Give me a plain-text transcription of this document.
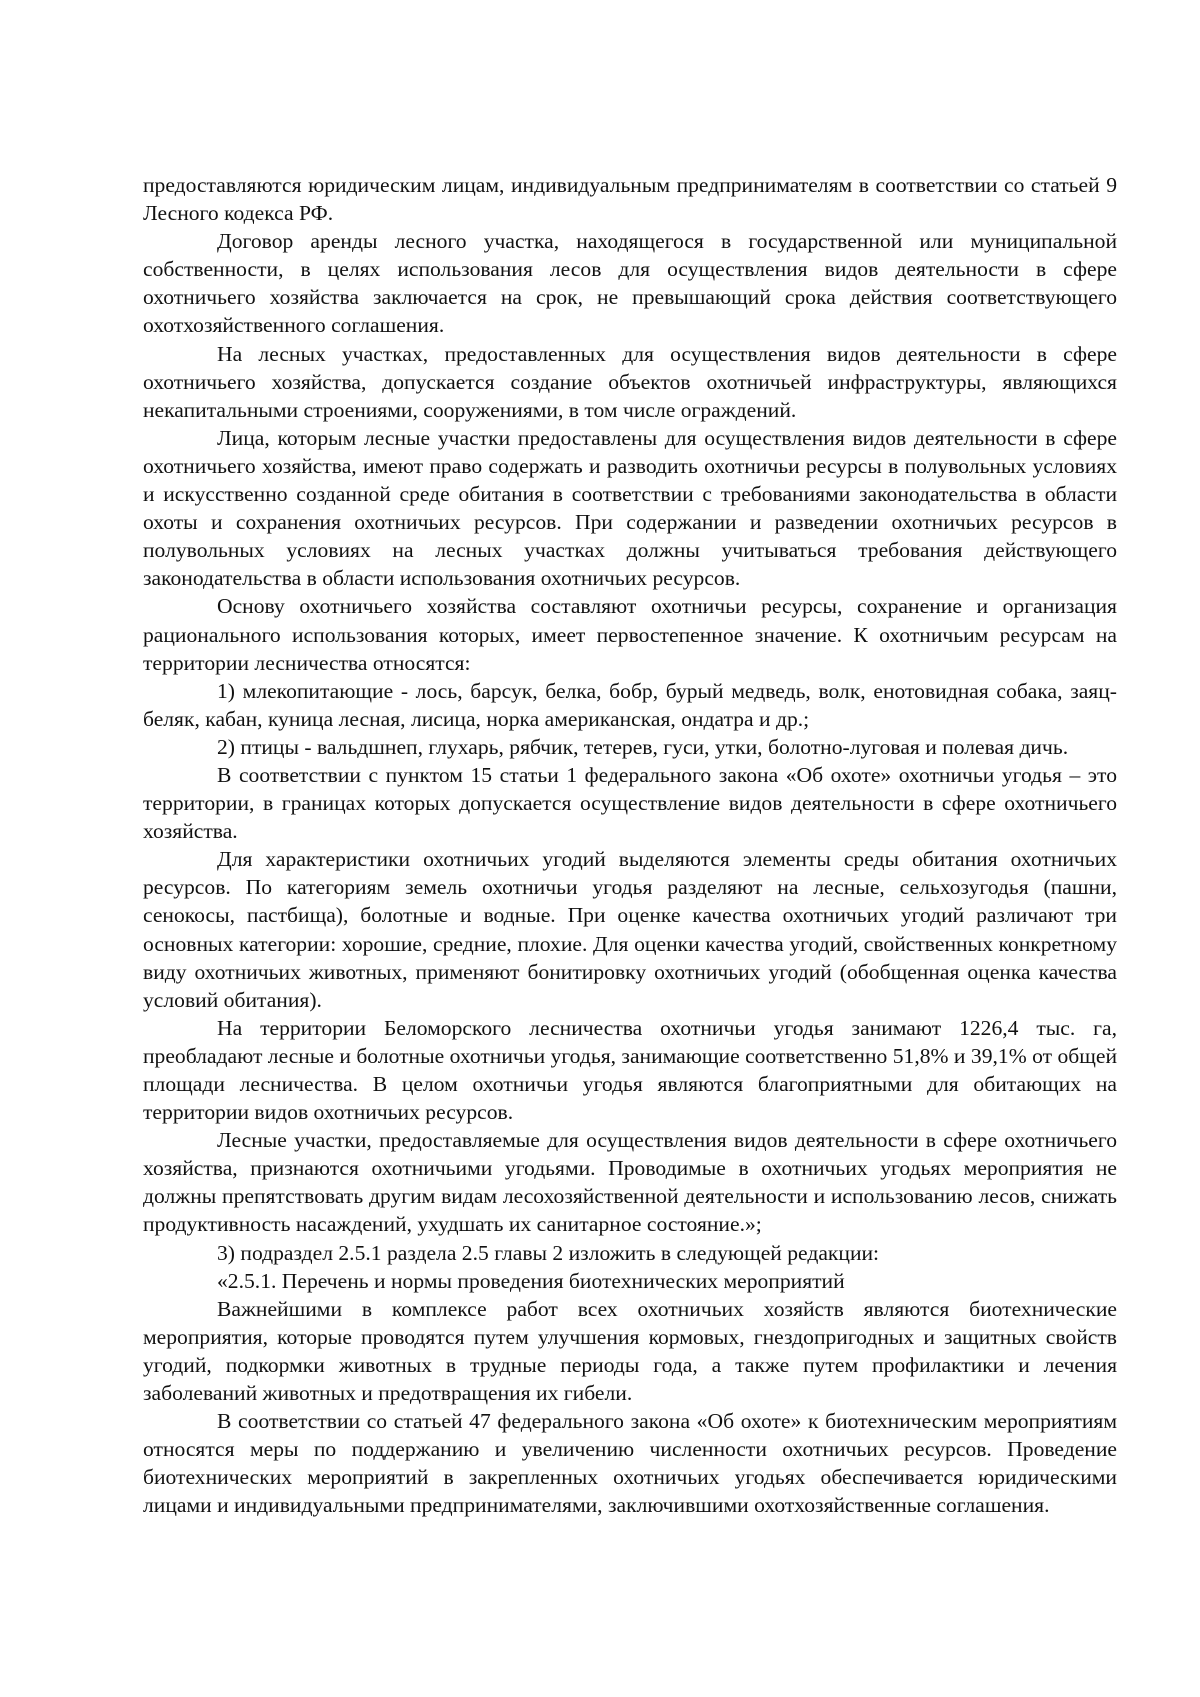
предоставляются юридическим лицам, индивидуальным предпринимателям в соответствии со статьей 9 Лесного кодекса РФ.

Договор аренды лесного участка, находящегося в государственной или муниципальной собственности, в целях использования лесов для осуществления видов деятельности в сфере охотничьего хозяйства заключается на срок, не превышающий срока действия соответствующего охотхозяйственного соглашения.

На лесных участках, предоставленных для осуществления видов деятельности в сфере охотничьего хозяйства, допускается создание объектов охотничьей инфраструктуры, являющихся некапитальными строениями, сооружениями, в том числе ограждений.

Лица, которым лесные участки предоставлены для осуществления видов деятельности в сфере охотничьего хозяйства, имеют право содержать и разводить охотничьи ресурсы в полувольных условиях и искусственно созданной среде обитания в соответствии с требованиями законодательства в области охоты и сохранения охотничьих ресурсов. При содержании и разведении охотничьих ресурсов в полувольных условиях на лесных участках должны учитываться требования действующего законодательства в области использования охотничьих ресурсов.

Основу охотничьего хозяйства составляют охотничьи ресурсы, сохранение и организация рационального использования которых, имеет первостепенное значение. К охотничьим ресурсам на территории лесничества относятся:

1) млекопитающие - лось, барсук, белка, бобр, бурый медведь, волк, енотовидная собака, заяц-беляк, кабан, куница лесная, лисица, норка американская, ондатра и др.;

2) птицы - вальдшнеп, глухарь, рябчик, тетерев, гуси, утки, болотно-луговая и полевая дичь.

В соответствии с пунктом 15 статьи 1 федерального закона «Об охоте» охотничьи угодья – это территории, в границах которых допускается осуществление видов деятельности в сфере охотничьего хозяйства.

Для характеристики охотничьих угодий выделяются элементы среды обитания охотничьих ресурсов. По категориям земель охотничьи угодья разделяют на лесные, сельхозугодья (пашни, сенокосы, пастбища), болотные и водные. При оценке качества охотничьих угодий различают три основных категории: хорошие, средние, плохие. Для оценки качества угодий, свойственных конкретному виду охотничьих животных, применяют бонитировку охотничьих угодий (обобщенная оценка качества условий обитания).

На территории Беломорского лесничества охотничьи угодья занимают 1226,4 тыс. га, преобладают лесные и болотные охотничьи угодья, занимающие соответственно 51,8% и 39,1% от общей площади лесничества. В целом охотничьи угодья являются благоприятными для обитающих на территории видов охотничьих ресурсов.

Лесные участки, предоставляемые для осуществления видов деятельности в сфере охотничьего хозяйства, признаются охотничьими угодьями. Проводимые в охотничьих угодьях мероприятия не должны препятствовать другим видам лесохозяйственной деятельности и использованию лесов, снижать продуктивность насаждений, ухудшать их санитарное состояние.»;

3) подраздел 2.5.1 раздела 2.5 главы 2 изложить в следующей редакции:

«2.5.1. Перечень и нормы проведения биотехнических мероприятий

Важнейшими в комплексе работ всех охотничьих хозяйств являются биотехнические мероприятия, которые проводятся путем улучшения кормовых, гнездопригодных и защитных свойств угодий, подкормки животных в трудные периоды года, а также путем профилактики и лечения заболеваний животных и предотвращения их гибели.

В соответствии со статьей 47 федерального закона «Об охоте» к биотехническим мероприятиям относятся меры по поддержанию и увеличению численности охотничьих ресурсов. Проведение биотехнических мероприятий в закрепленных охотничьих угодьях обеспечивается юридическими лицами и индивидуальными предпринимателями, заключившими охотхозяйственные соглашения.
